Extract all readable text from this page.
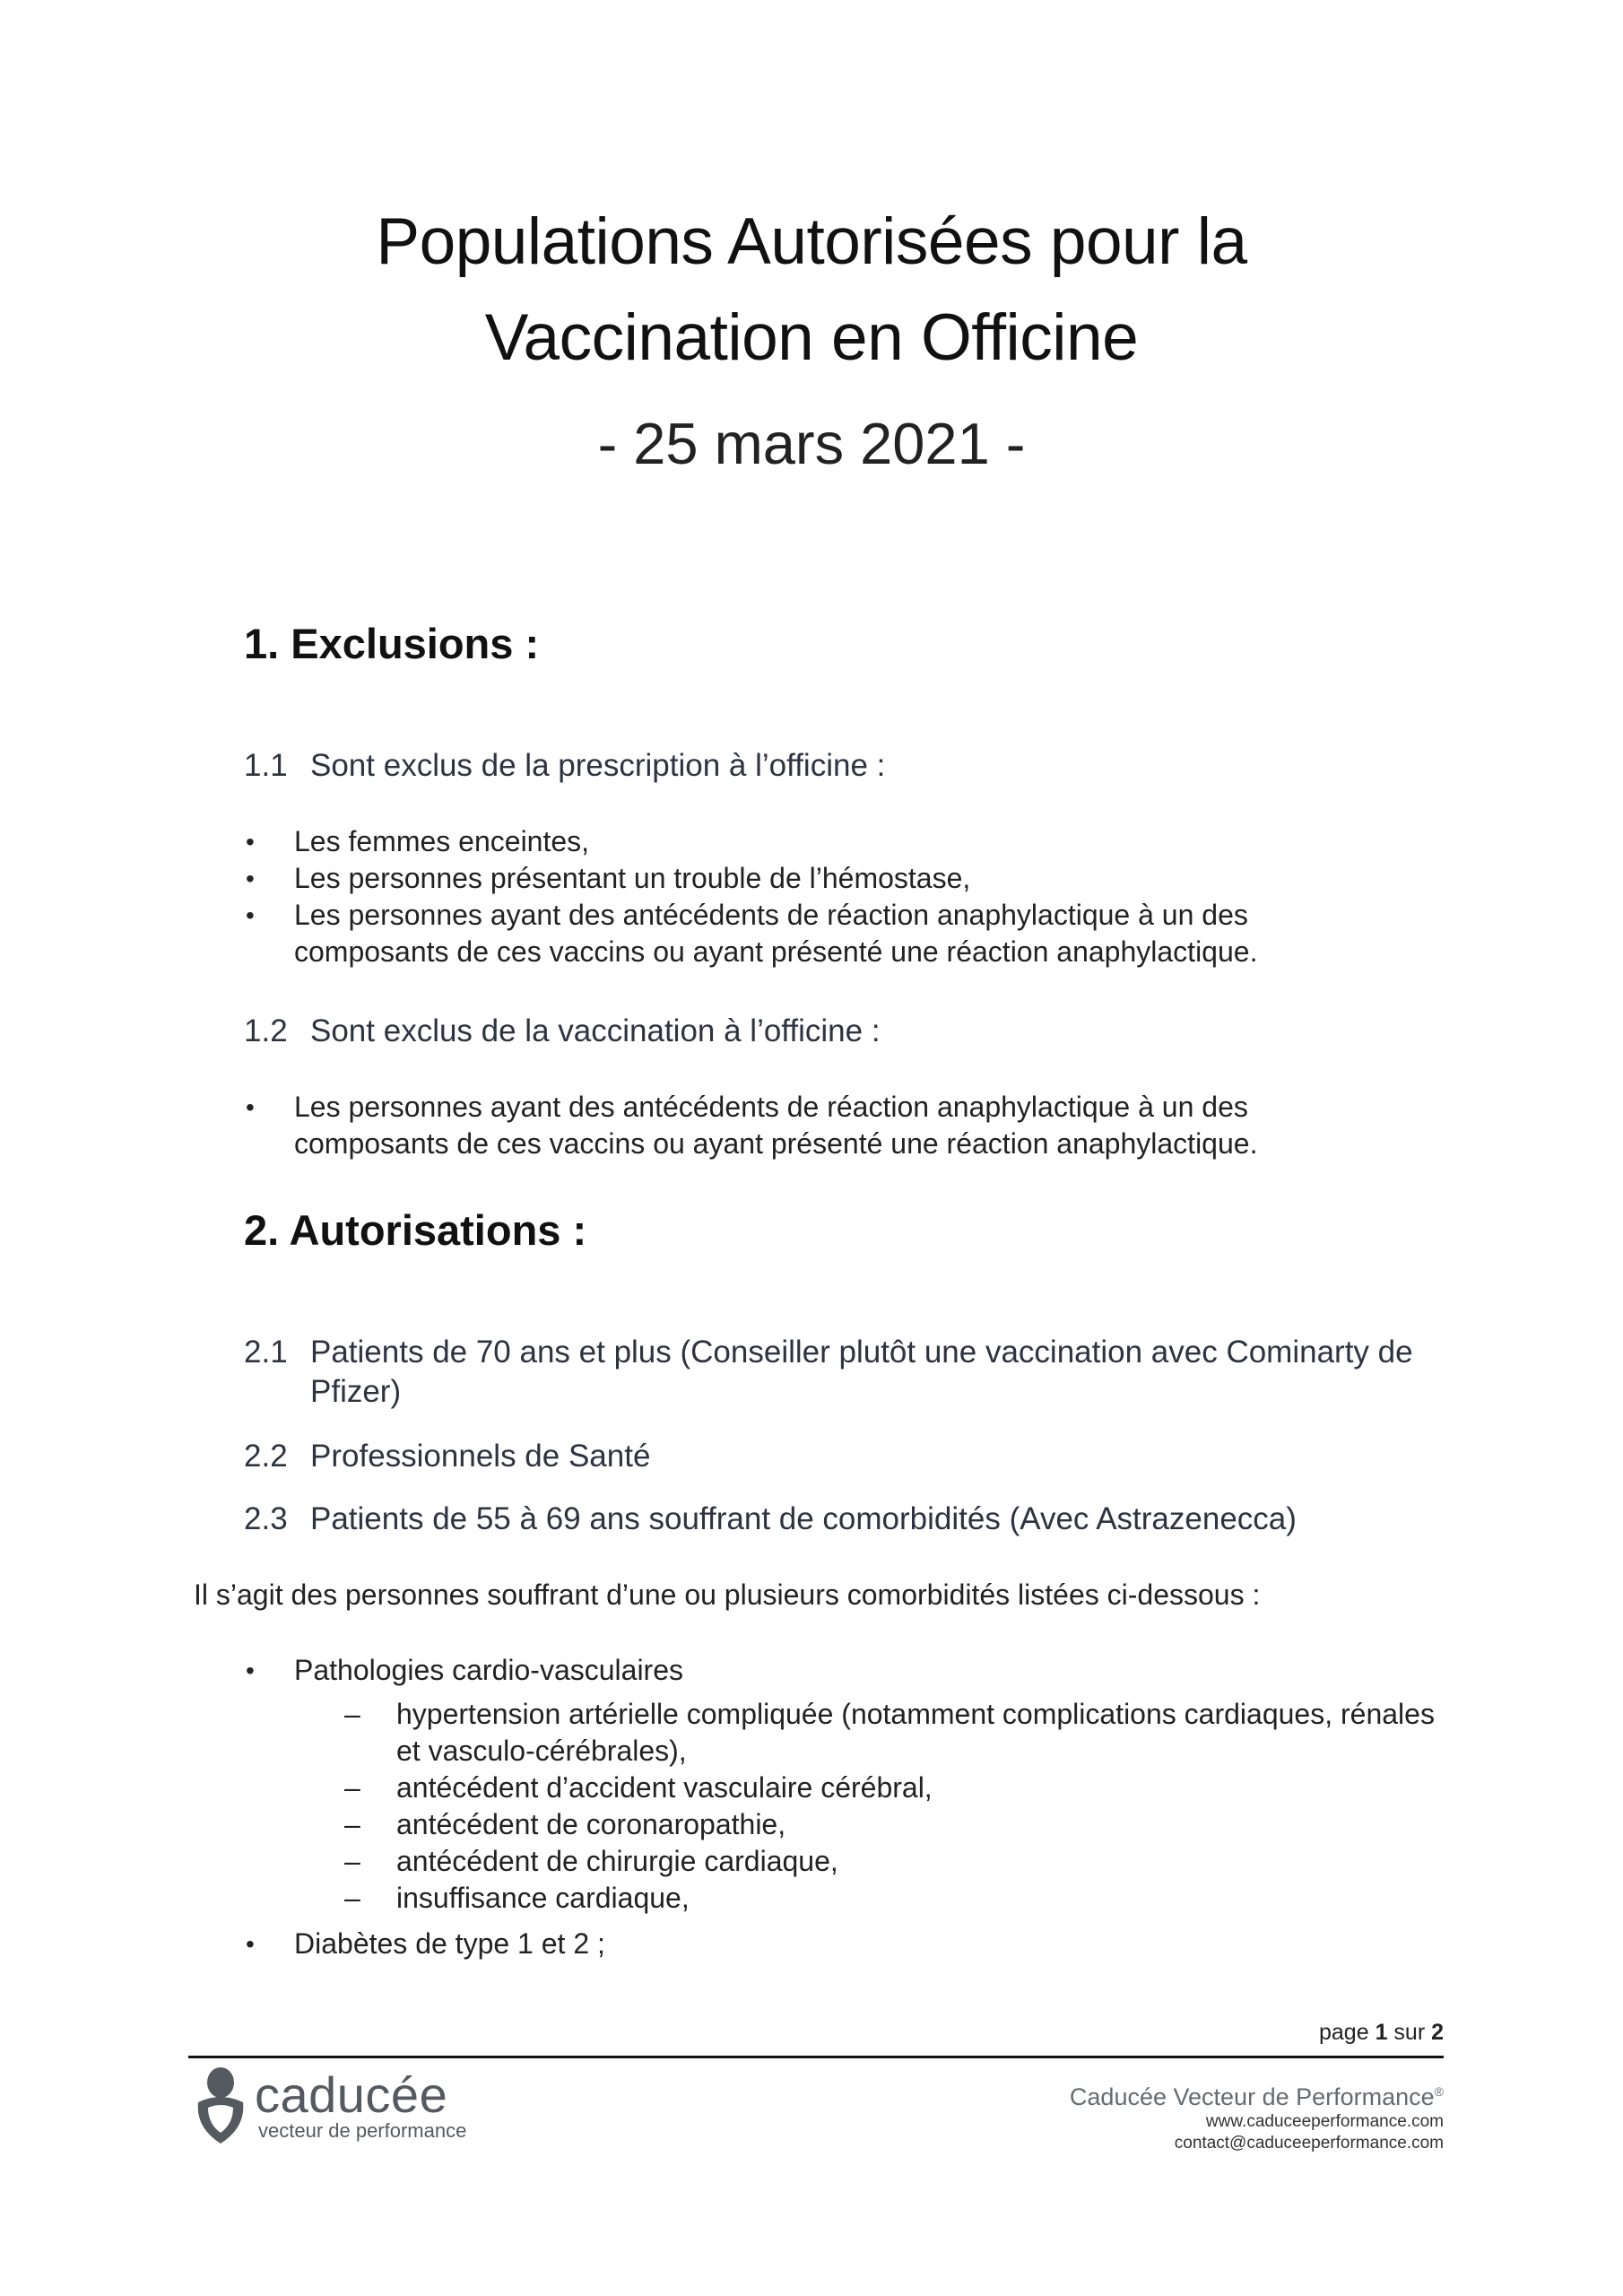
Populations Autorisées pour la
Vaccination en Officine
- 25 mars 2021 -
1. Exclusions :
1.1 Sont exclus de la prescription à l’officine :
• Les femmes enceintes,
• Les personnes présentant un trouble de l’hémostase,
• Les personnes ayant des antécédents de réaction anaphylactique à un des composants de ces vaccins ou ayant présenté une réaction anaphylactique.
1.2 Sont exclus de la vaccination à l’officine :
• Les personnes ayant des antécédents de réaction anaphylactique à un des composants de ces vaccins ou ayant présenté une réaction anaphylactique.
2. Autorisations :
2.1 Patients de 70 ans et plus (Conseiller plutôt une vaccination avec Cominarty de Pfizer)
2.2 Professionnels de Santé
2.3 Patients de 55 à 69 ans souffrant de comorbidités (Avec Astrazenecca)

Il s’agit des personnes souffrant d’une ou plusieurs comorbidités listées ci-dessous :

• Pathologies cardio-vasculaires
– hypertension artérielle compliquée (notamment complications cardiaques, rénales et vasculo-cérébrales),
– antécédent d’accident vasculaire cérébral,
– antécédent de coronaropathie,
– antécédent de chirurgie cardiaque,
– insuffisance cardiaque,
• Diabètes de type 1 et 2 ;
page 1 sur 2
caducée
vecteur de performance
Caducée Vecteur de Performance®
www.caduceeperformance.com
contact@caduceeperformance.com
